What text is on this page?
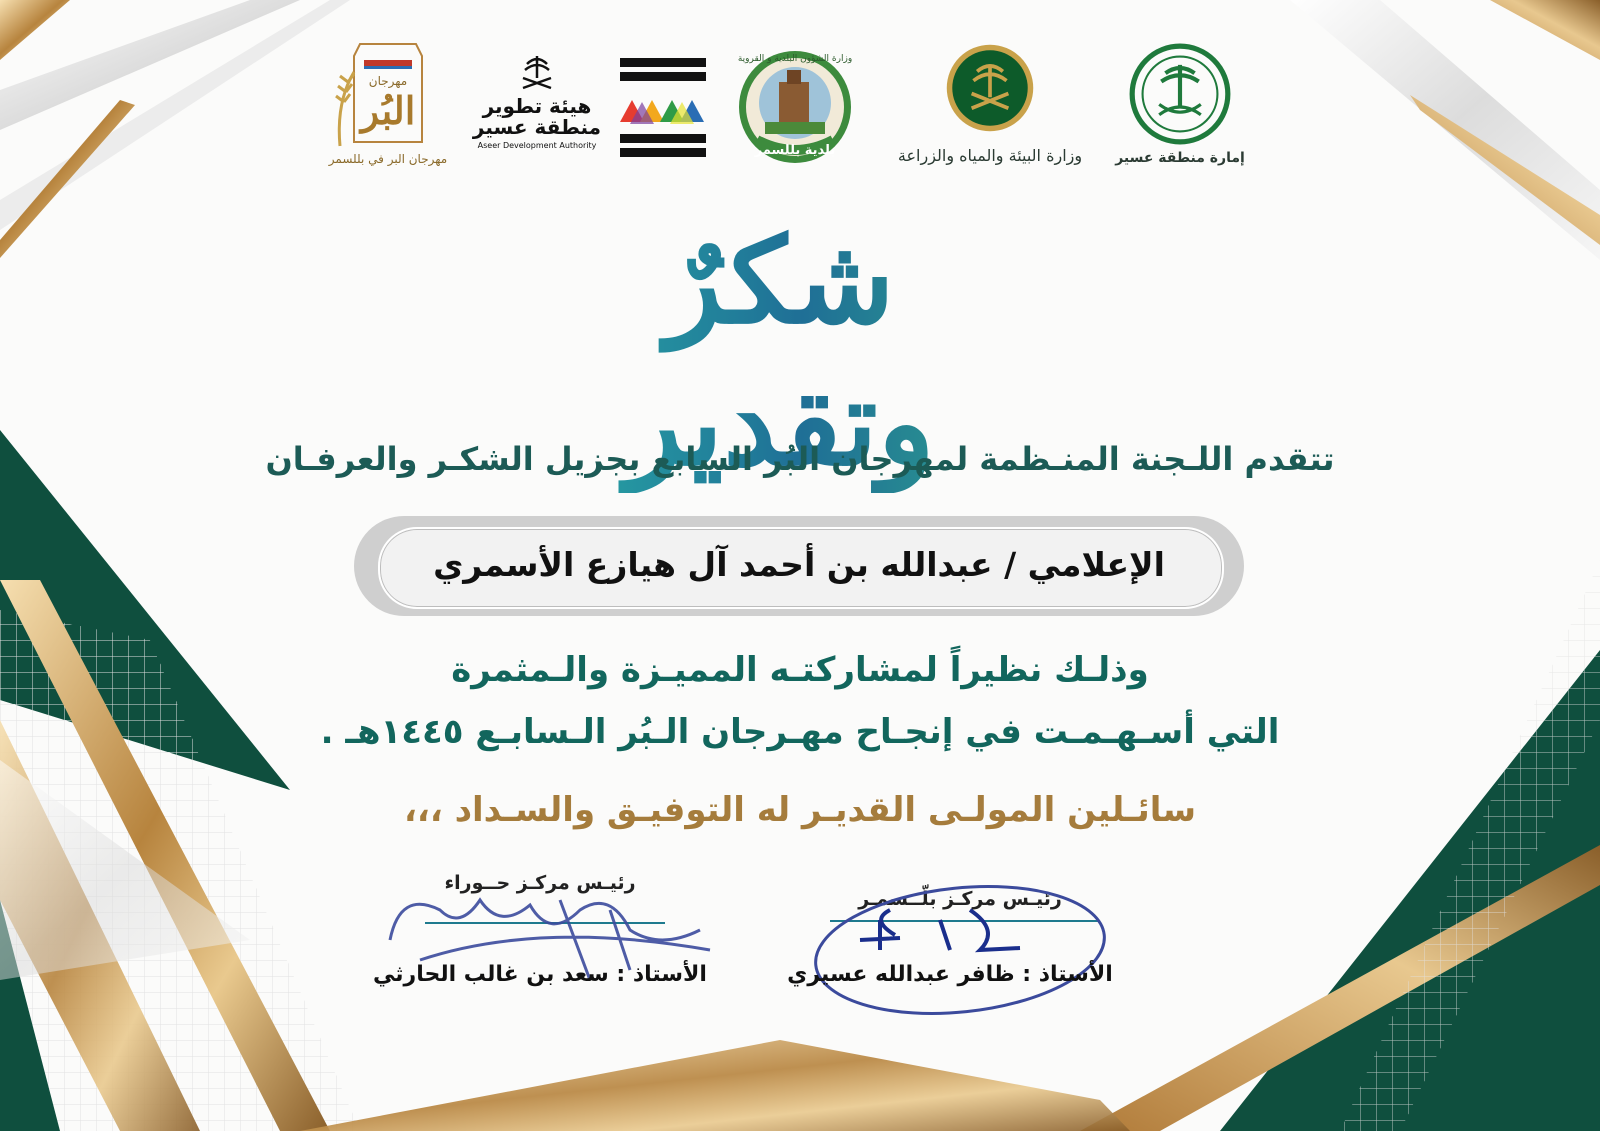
إمارة منطقة عسير
وزارة البيئة والمياه والزراعة
وزارة الشؤون البلدية و القروية
بلدية بللسمر
هيئة تطوير
منطقة عسير
Aseer Development Authority
مهرجان
البُر
مهرجان البر في بللسمر
شكرٌ وتقدير
تتقدم اللـجنة المنـظمة لمهرجان البُر السابع بجزيل الشكـر والعرفـان
الإعلامي / عبدالله بن أحمد آل هيازع الأسمري
وذلـك نظيراً لمشاركتـه المميـزة والـمثمرة
التي أسـهـمـت في إنجـاح مهـرجان الـبُر الـسابـع ١٤٤٥هـ .
سائـلين المولـى القديـر له التوفيـق والسـداد ،،،
رئيـس مركـز حــوراء
الأستاذ : سعد بن غالب الحارثي
رئيـس مركـز بلّــسمـر
الأستاذ : ظافر عبدالله عسيري
